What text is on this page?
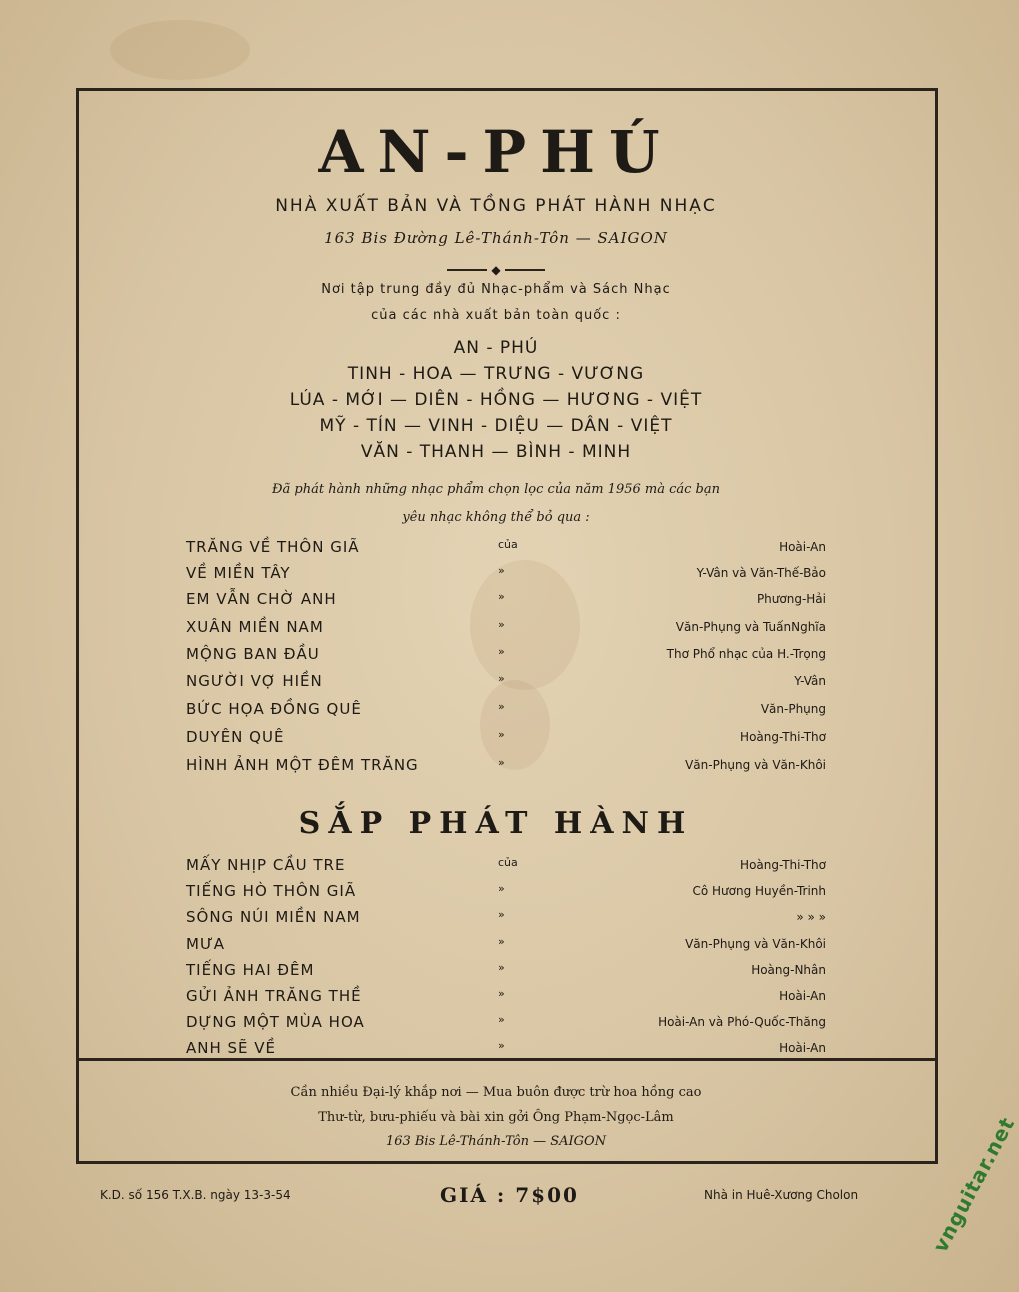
AN-PHÚ
NHÀ XUẤT BẢN VÀ TỒNG PHÁT HÀNH NHẠC
163 Bis Đường Lê-Thánh-Tôn — SAIGON
◆
Nơi tập trung đầy đủ Nhạc-phẩm và Sách Nhạc
của các nhà xuất bản toàn quốc :
AN - PHÚ
TINH - HOA — TRƯNG - VƯƠNG
LÚA - MỚI — DIÊN - HỒNG — HƯƠNG - VIỆT
MỸ - TÍN — VINH - DIỆU — DÂN - VIỆT
VĂN - THANH — BÌNH - MINH
Đã phát hành những nhạc phẩm chọn lọc của năm 1956 mà các bạn
yêu nhạc không thể bỏ qua :
TRĂNG VỀ THÔN GIÃ	của	Hoài-An
VỀ MIỀN TÂY	»	Y-Vân và Văn-Thế-Bảo
EM VẪN CHỜ ANH	»	Phương-Hải
XUÂN MIỀN NAM	»	Văn-Phụng và TuấnNghĩa
MỘNG BAN ĐẦU	»	Thơ Phổ nhạc của H.-Trọng
NGƯỜI VỢ HIỀN	»	Y-Vân
BỨC HỌA ĐỒNG QUÊ	»	Văn-Phụng
DUYÊN QUÊ	»	Hoàng-Thi-Thơ
HÌNH ẢNH MỘT ĐÊM TRĂNG	»	Văn-Phụng và Văn-Khôi
SẮP PHÁT HÀNH
MẤY NHỊP CẦU TRE	của	Hoàng-Thi-Thơ
TIẾNG HÒ THÔN GIÃ	»	Cô Hương Huyền-Trinh
SÔNG NÚI MIỀN NAM	»	» » »
MƯA	»	Văn-Phụng và Văn-Khôi
TIẾNG HAI ĐÊM	»	Hoàng-Nhân
GỬI ẢNH TRĂNG THỀ	»	Hoài-An
DỰNG MỘT MÙA HOA	»	Hoài-An và Phó-Quốc-Thăng
ANH SẼ VỀ	»	Hoài-An
Cần nhiều Đại-lý khắp nơi — Mua buôn được trừ hoa hồng cao
Thư-từ, bưu-phiếu và bài xin gởi Ông Phạm-Ngọc-Lâm
163 Bis Lê-Thánh-Tôn — SAIGON
K.D. số 156 T.X.B. ngày 13-3-54	GIÁ : 7$00	Nhà in Huê-Xương Cholon	vnguitar.net
